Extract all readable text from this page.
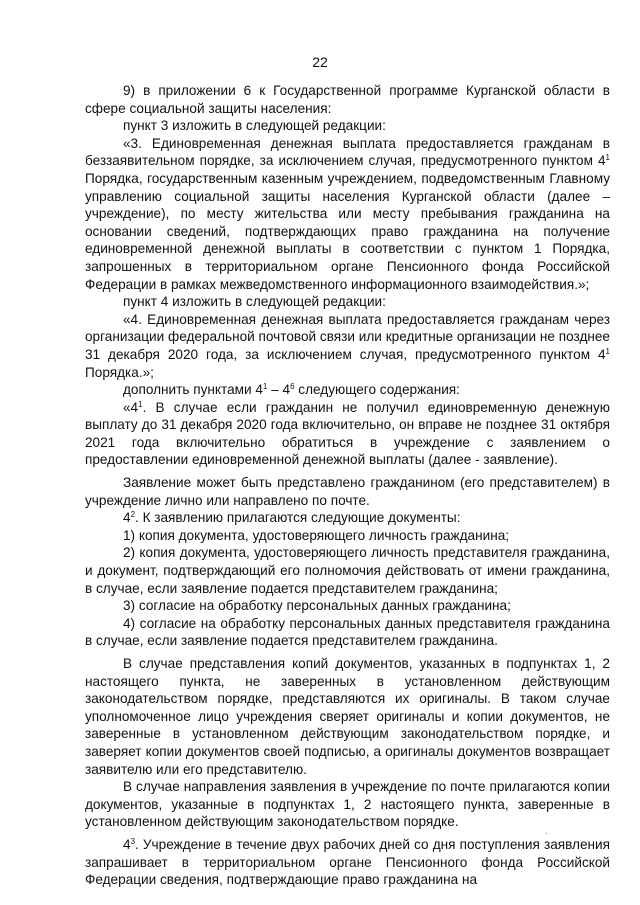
22

9) в приложении 6 к Государственной программе Курганской области в сфере социальной защиты населения:

пункт 3 изложить в следующей редакции:

«3. Единовременная денежная выплата предоставляется гражданам в беззаявительном порядке, за исключением случая, предусмотренного пунктом $4^1$ Порядка, государственным казенным учреждением, подведомственным Главному управлению социальной защиты населения Курганской области (далее – учреждение), по месту жительства или месту пребывания гражданина на основании сведений, подтверждающих право гражданина на получение единовременной денежной выплаты в соответствии с пунктом 1 Порядка, запрошенных в территориальном органе Пенсионного фонда Российской Федерации в рамках межведомственного информационного взаимодействия.»;

пункт 4 изложить в следующей редакции:

«4. Единовременная денежная выплата предоставляется гражданам через организации федеральной почтовой связи или кредитные организации не позднее 31 декабря 2020 года, за исключением случая, предусмотренного пунктом $4^1$ Порядка.»;

дополнить пунктами $4^1 - 4^6$ следующего содержания:

«$4^1$. В случае если гражданин не получил единовременную денежную выплату до 31 декабря 2020 года включительно, он вправе не позднее 31 октября 2021 года включительно обратиться в учреждение с заявлением о предоставлении единовременной денежной выплаты (далее - заявление).

Заявление может быть представлено гражданином (его представителем) в учреждение лично или направлено по почте.

$4^2$. К заявлению прилагаются следующие документы:

1) копия документа, удостоверяющего личность гражданина;

2) копия документа, удостоверяющего личность представителя гражданина, и документ, подтверждающий его полномочия действовать от имени гражданина, в случае, если заявление подается представителем гражданина;

3) согласие на обработку персональных данных гражданина;

4) согласие на обработку персональных данных представителя гражданина в случае, если заявление подается представителем гражданина.

В случае представления копий документов, указанных в подпунктах 1, 2 настоящего пункта, не заверенных в установленном действующим законодательством порядке, представляются их оригиналы. В таком случае уполномоченное лицо учреждения сверяет оригиналы и копии документов, не заверенные в установленном действующим законодательством порядке, и заверяет копии документов своей подписью, а оригиналы документов возвращает заявителю или его представителю.

В случае направления заявления в учреждение по почте прилагаются копии документов, указанные в подпунктах 1, 2 настоящего пункта, заверенные в установленном действующим законодательством порядке.

$4^3$. Учреждение в течение двух рабочих дней со дня поступления заявления запрашивает в территориальном органе Пенсионного фонда Российской Федерации сведения, подтверждающие право гражданина на

.
